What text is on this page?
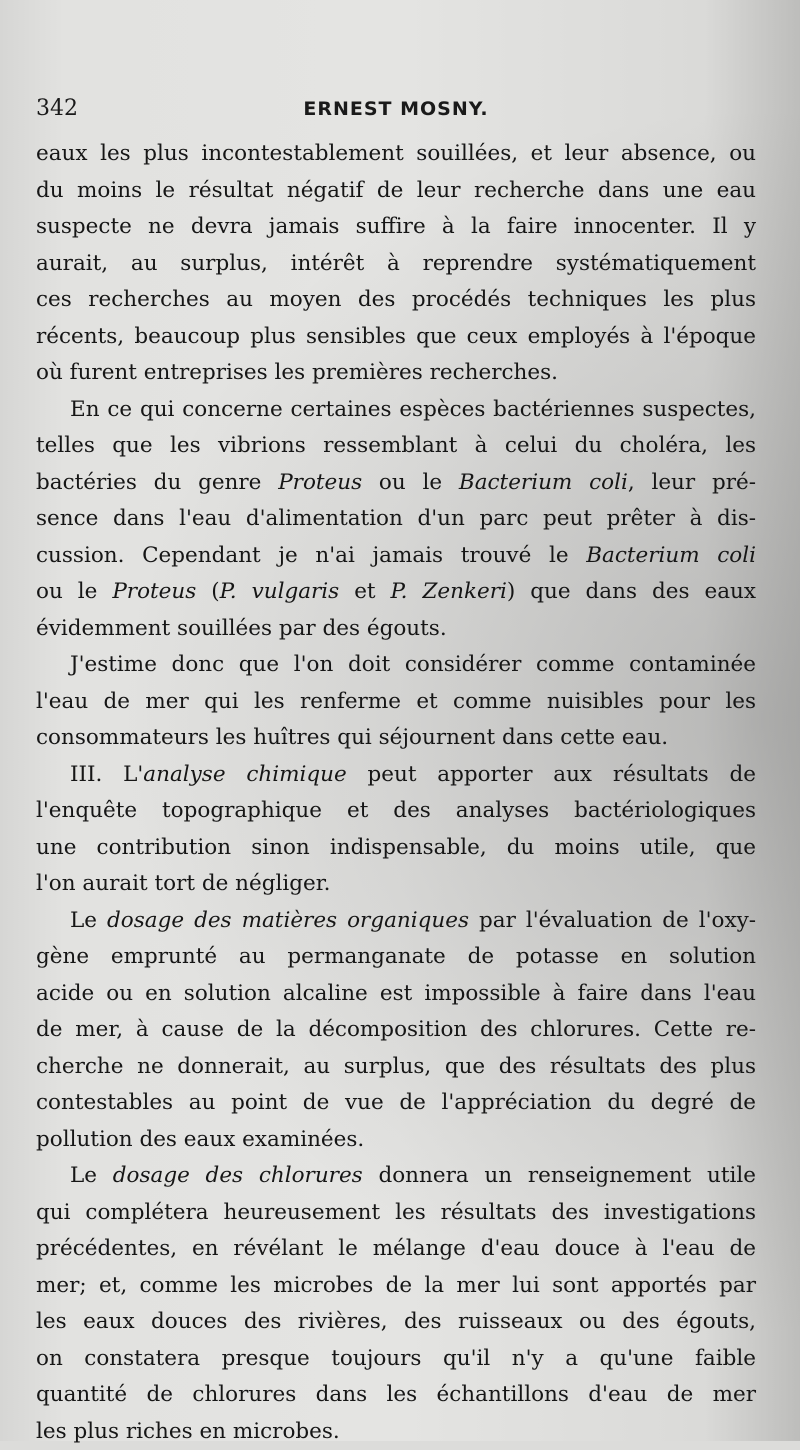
342	ERNEST MOSNY.
eaux les plus incontestablement souillées, et leur absence, ou
du moins le résultat négatif de leur recherche dans une eau
suspecte ne devra jamais suffire à la faire innocenter. Il y
aurait, au surplus, intérêt à reprendre systématiquement
ces recherches au moyen des procédés techniques les plus
récents, beaucoup plus sensibles que ceux employés à l'époque
où furent entreprises les premières recherches.
En ce qui concerne certaines espèces bactériennes suspectes,
telles que les vibrions ressemblant à celui du choléra, les
bactéries du genre Proteus ou le Bacterium coli, leur pré-
sence dans l'eau d'alimentation d'un parc peut prêter à dis-
cussion. Cependant je n'ai jamais trouvé le Bacterium coli
ou le Proteus (P. vulgaris et P. Zenkeri) que dans des eaux
évidemment souillées par des égouts.
J'estime donc que l'on doit considérer comme contaminée
l'eau de mer qui les renferme et comme nuisibles pour les
consommateurs les huîtres qui séjournent dans cette eau.
III. L'analyse chimique peut apporter aux résultats de
l'enquête topographique et des analyses bactériologiques
une contribution sinon indispensable, du moins utile, que
l'on aurait tort de négliger.
Le dosage des matières organiques par l'évaluation de l'oxy-
gène emprunté au permanganate de potasse en solution
acide ou en solution alcaline est impossible à faire dans l'eau
de mer, à cause de la décomposition des chlorures. Cette re-
cherche ne donnerait, au surplus, que des résultats des plus
contestables au point de vue de l'appréciation du degré de
pollution des eaux examinées.
Le dosage des chlorures donnera un renseignement utile
qui complétera heureusement les résultats des investigations
précédentes, en révélant le mélange d'eau douce à l'eau de
mer; et, comme les microbes de la mer lui sont apportés par
les eaux douces des rivières, des ruisseaux ou des égouts,
on constatera presque toujours qu'il n'y a qu'une faible
quantité de chlorures dans les échantillons d'eau de mer
les plus riches en microbes.
